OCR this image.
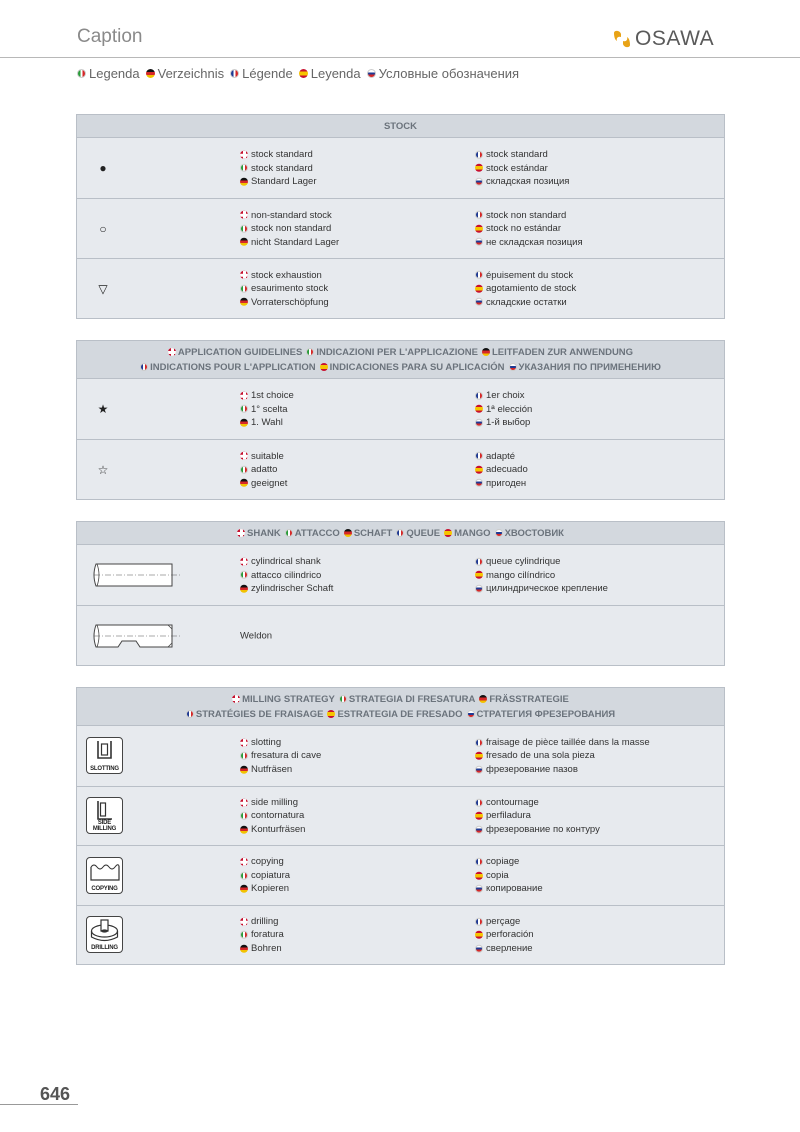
Caption	OSAWA
Legenda Verzeichnis Légende Leyenda Условные обозначения
STOCK
●
stock standard
stock standard
Standard Lager
stock standard
stock estándar
складская позиция
○
non-standard stock
stock non standard
nicht Standard Lager
stock non standard
stock no estándar
не складская позиция
▽
stock exhaustion
esaurimento stock
Vorraterschöpfung
épuisement du stock
agotamiento de stock
складские остатки
APPLICATION GUIDELINES INDICAZIONI PER L'APPLICAZIONE LEITFADEN ZUR ANWENDUNG
INDICATIONS POUR L'APPLICATION INDICACIONES PARA SU APLICACIÓN УКАЗАНИЯ ПО ПРИМЕНЕНИЮ
★
1st choice
1° scelta
1. Wahl
1er choix
1ª elección
1-й выбор
☆
suitable
adatto
geeignet
adapté
adecuado
пригоден
SHANK ATTACCO SCHAFT QUEUE MANGO ХВОСТОВИК
cylindrical shank
attacco cilindrico
zylindrischer Schaft
queue cylindrique
mango cilíndrico
цилиндрическое крепление
Weldon
MILLING STRATEGY STRATEGIA DI FRESATURA FRÄSSTRATEGIE
STRATÉGIES DE FRAISAGE ESTRATEGIA DE FRESADO СТРАТЕГИЯ ФРЕЗЕРОВАНИЯ
SLOTTING
slotting
fresatura di cave
Nutfräsen
fraisage de pièce taillée dans la masse
fresado de una sola pieza
фрезерование пазов
SIDE MILLING
side milling
contornatura
Konturfräsen
contournage
perfiladura
фрезерование по контуру
COPYING
copying
copiatura
Kopieren
copiage
copia
копирование
DRILLING
drilling
foratura
Bohren
perçage
perforación
сверление
646
